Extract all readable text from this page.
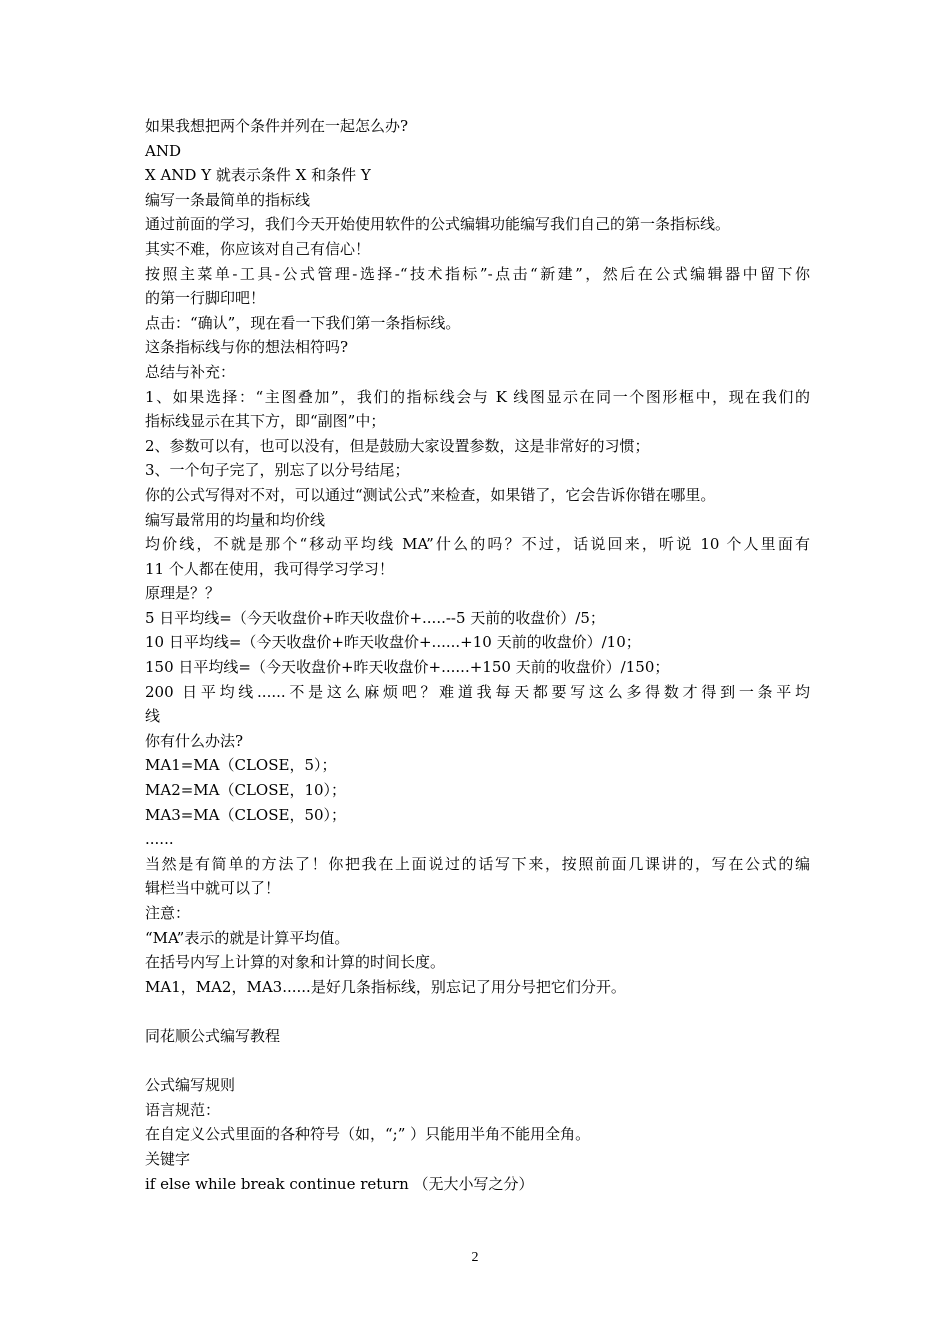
如果我想把两个条件并列在一起怎么办?
AND
X AND Y 就表示条件 X 和条件 Y
编写一条最简单的指标线
通过前面的学习，我们今天开始使用软件的公式编辑功能编写我们自己的第一条指标线。
其实不难，你应该对自己有信心！
按照主菜单-工具-公式管理-选择-“技术指标”-点击“新建”，然后在公式编辑器中留下你
的第一行脚印吧！
点击：“确认”，现在看一下我们第一条指标线。
这条指标线与你的想法相符吗?
总结与补充：
1、如果选择：“主图叠加”，我们的指标线会与 K 线图显示在同一个图形框中，现在我们的
指标线显示在其下方，即“副图”中；
2、参数可以有，也可以没有，但是鼓励大家设置参数，这是非常好的习惯；
3、一个句子完了，别忘了以分号结尾；
你的公式写得对不对，可以通过“测试公式”来检查，如果错了，它会告诉你错在哪里。
编写最常用的均量和均价线
均价线，不就是那个“移动平均线 MA”什么的吗？不过，话说回来，听说 10 个人里面有
11 个人都在使用，我可得学习学习！
原理是？？
5 日平均线=（今天收盘价+昨天收盘价+.....--5 天前的收盘价）/5；
10 日平均线=（今天收盘价+昨天收盘价+......+10 天前的收盘价）/10；
150 日平均线=（今天收盘价+昨天收盘价+......+150 天前的收盘价）/150；
200 日平均线......不是这么麻烦吧？难道我每天都要写这么多得数才得到一条平均
线
你有什么办法?
MA1=MA（CLOSE，5）；
MA2=MA（CLOSE，10）；
MA3=MA（CLOSE，50）；
......
当然是有简单的方法了！你把我在上面说过的话写下来，按照前面几课讲的，写在公式的编
辑栏当中就可以了！
注意：
“MA”表示的就是计算平均值。
在括号内写上计算的对象和计算的时间长度。
MA1，MA2，MA3......是好几条指标线，别忘记了用分号把它们分开。
同花顺公式编写教程
公式编写规则
语言规范：
在自定义公式里面的各种符号（如，“;” ）只能用半角不能用全角。
关键字
if else while break continue return （无大小写之分）
2
